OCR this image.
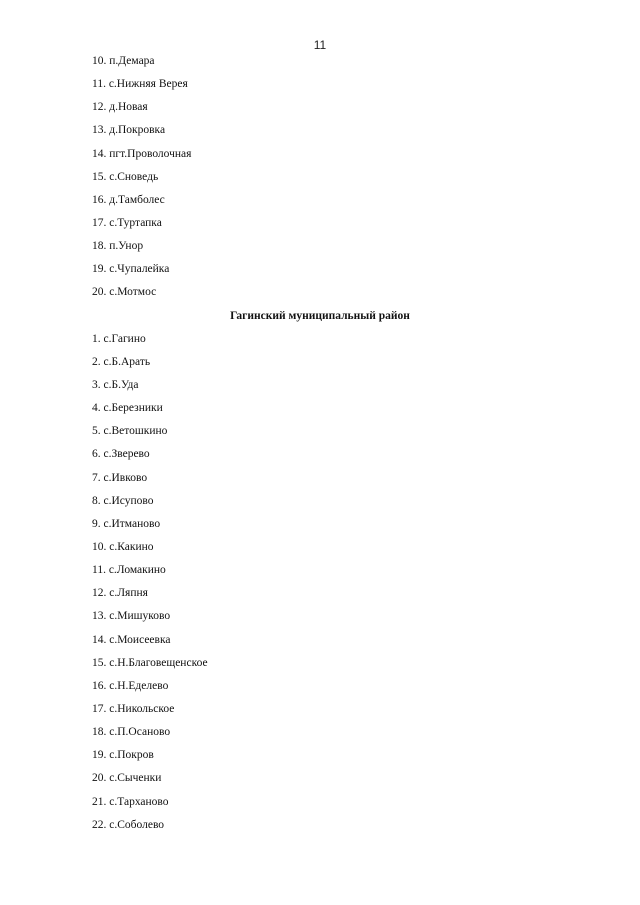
11
10. п.Демара
11. с.Нижняя Верея
12. д.Новая
13. д.Покровка
14. пгт.Проволочная
15. с.Сноведь
16. д.Тамболес
17. с.Туртапка
18. п.Унор
19. с.Чупалейка
20. с.Мотмос
Гагинский муниципальный район
1. с.Гагино
2. с.Б.Арать
3. с.Б.Уда
4. с.Березники
5. с.Ветошкино
6. с.Зверево
7. с.Ивково
8. с.Исупово
9. с.Итманово
10. с.Какино
11. с.Ломакино
12. с.Ляпня
13. с.Мишуково
14. с.Моисеевка
15. с.Н.Благовещенское
16. с.Н.Еделево
17. с.Никольское
18. с.П.Осаново
19. с.Покров
20. с.Сыченки
21. с.Тарханово
22. с.Соболево
